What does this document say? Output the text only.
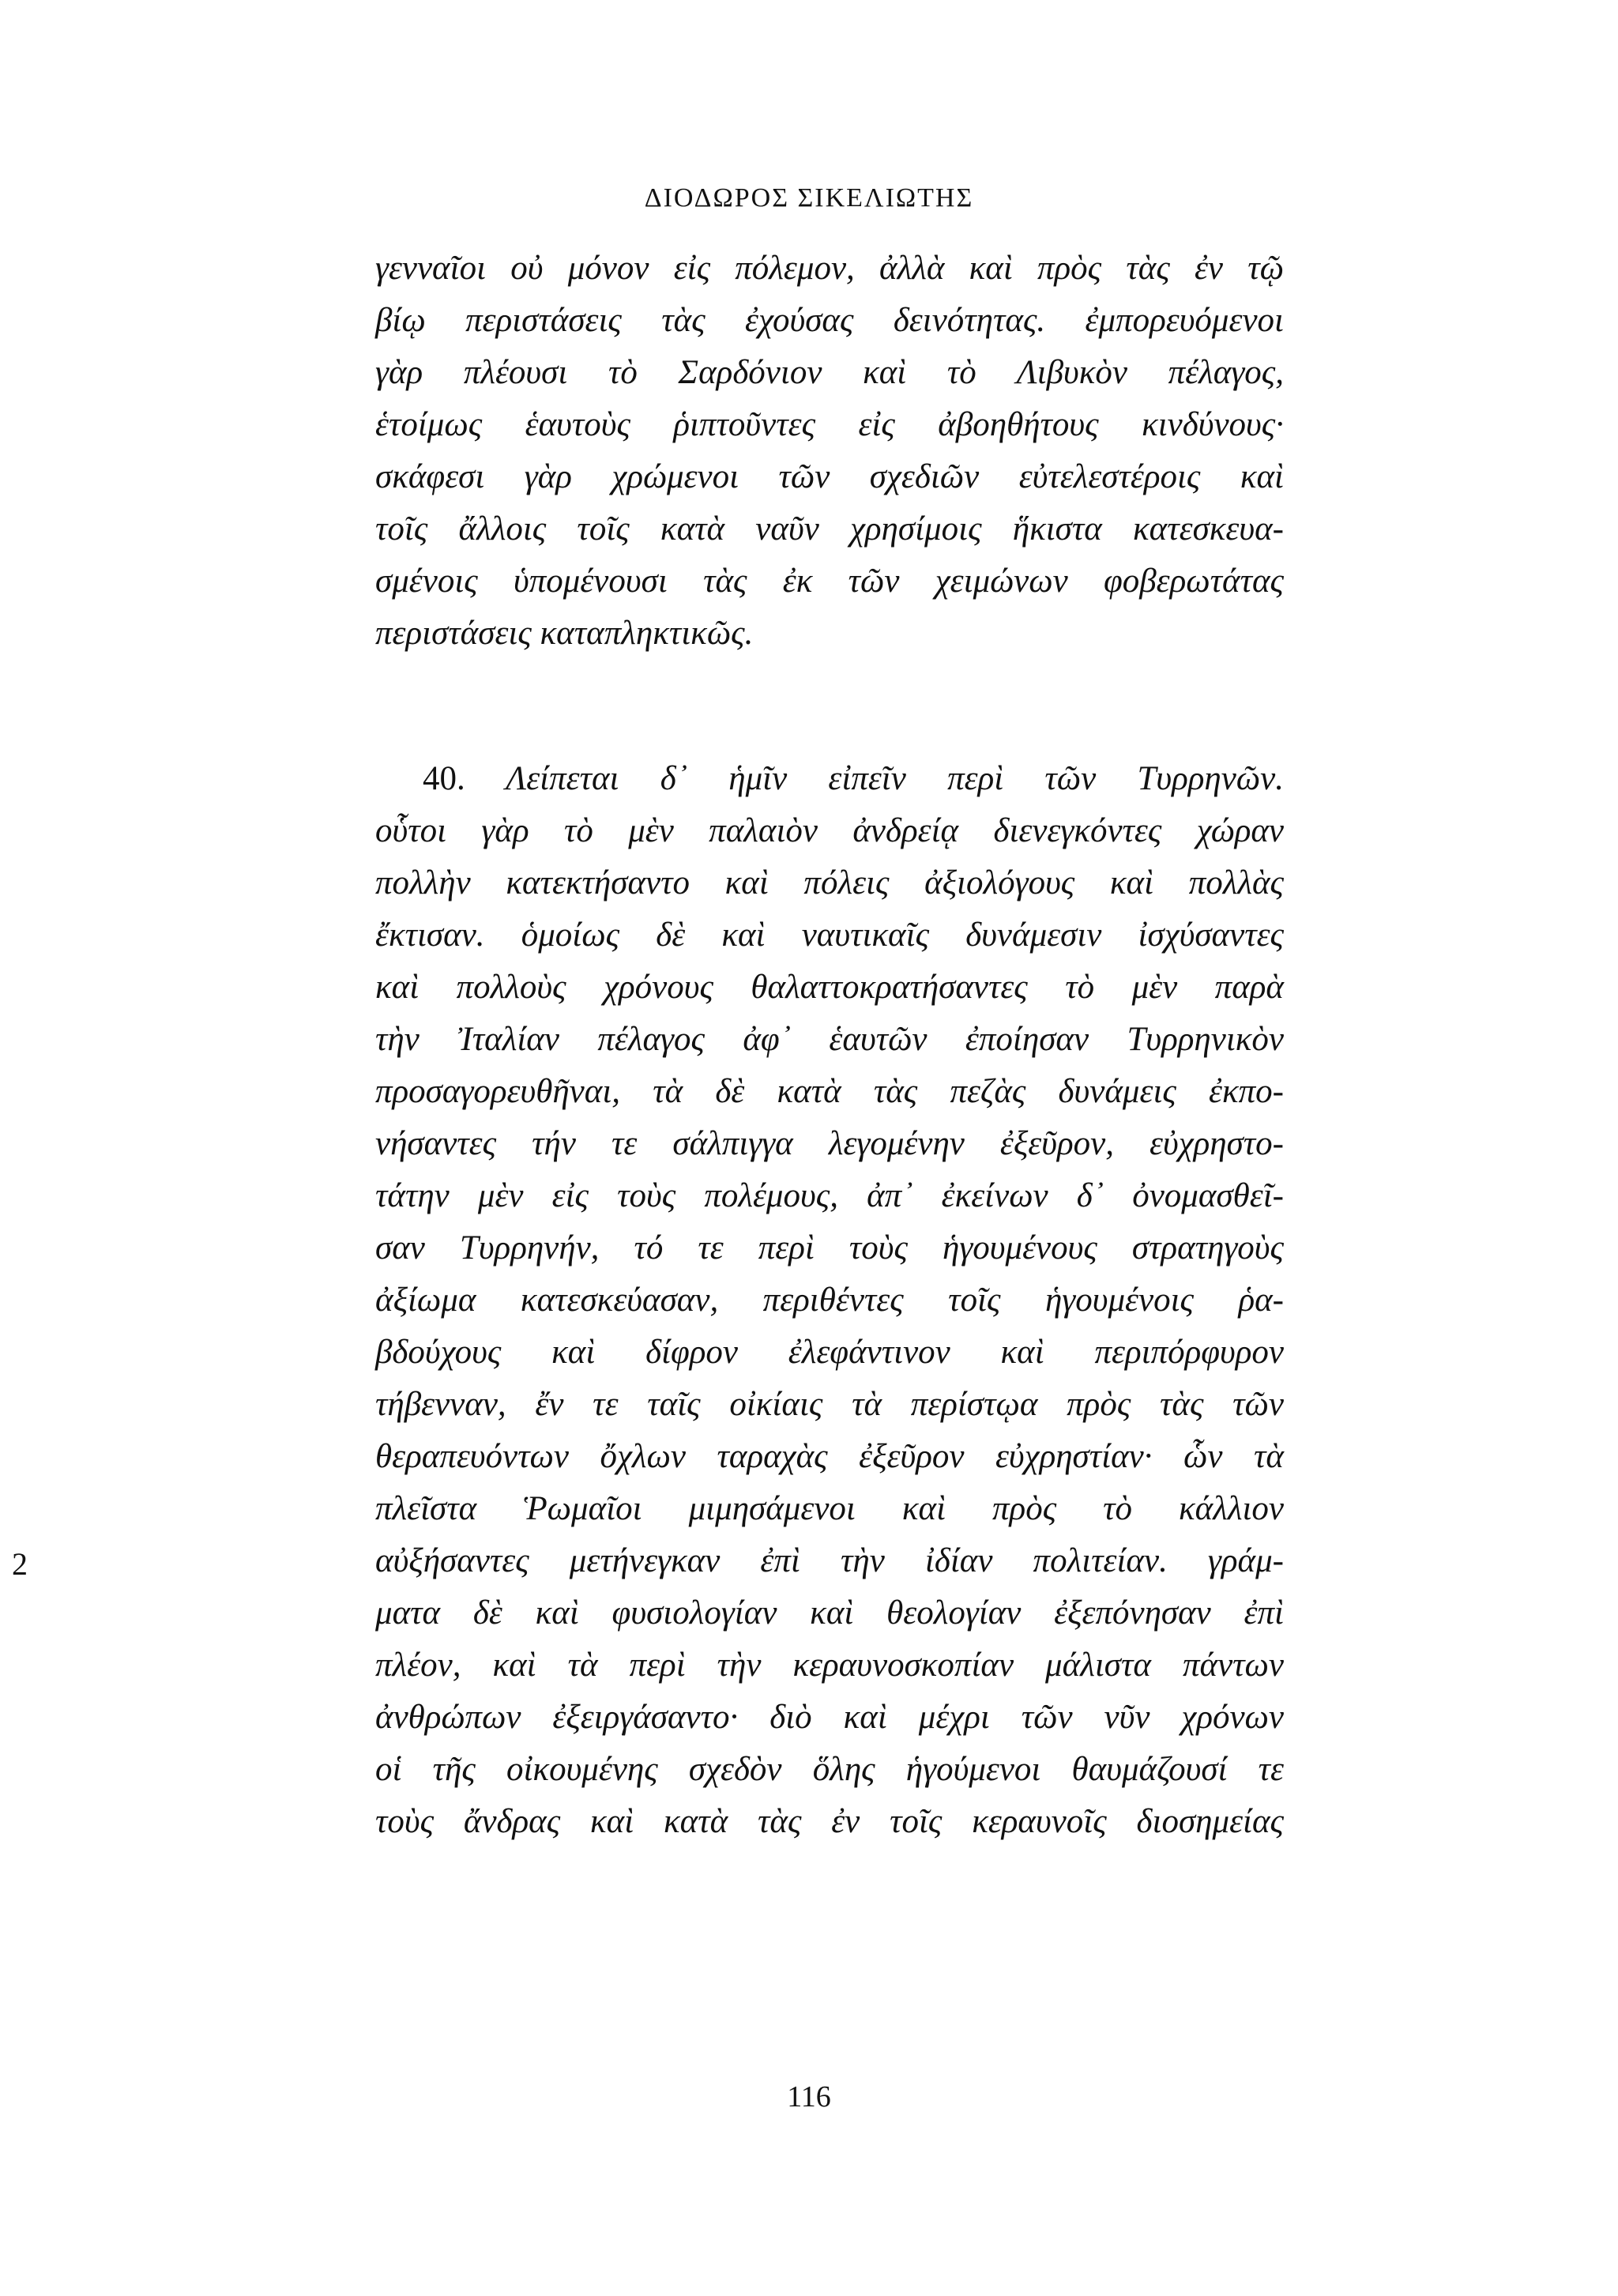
ΔΙΟΔΩΡΟΣ ΣΙΚΕΛΙΩΤΗΣ
γενναῖοι οὐ μόνον εἰς πόλεμον, ἀλλὰ καὶ πρὸς τὰς ἐν τῷ
βίῳ περιστάσεις τὰς ἐχούσας δεινότητας. ἐμπορευόμενοι
γὰρ πλέουσι τὸ Σαρδόνιον καὶ τὸ Λιβυκὸν πέλαγος,
ἑτοίμως ἑαυτοὺς ῥιπτοῦντες εἰς ἀβοηθήτους κινδύνους·
σκάφεσι γὰρ χρώμενοι τῶν σχεδιῶν εὐτελεστέροις καὶ
τοῖς ἄλλοις τοῖς κατὰ ναῦν χρησίμοις ἥκιστα κατεσκευα-
σμένοις ὑπομένουσι τὰς ἐκ τῶν χειμώνων φοβερωτάτας
περιστάσεις καταπληκτικῶς.
40. Λείπεται δ᾽ ἡμῖν εἰπεῖν περὶ τῶν Τυρρηνῶν.
οὗτοι γὰρ τὸ μὲν παλαιὸν ἀνδρείᾳ διενεγκόντες χώραν
πολλὴν κατεκτήσαντο καὶ πόλεις ἀξιολόγους καὶ πολλὰς
ἔκτισαν. ὁμοίως δὲ καὶ ναυτικαῖς δυνάμεσιν ἰσχύσαντες
καὶ πολλοὺς χρόνους θαλαττοκρατήσαντες τὸ μὲν παρὰ
τὴν Ἰταλίαν πέλαγος ἀφ᾽ ἑαυτῶν ἐποίησαν Τυρρηνικὸν
προσαγορευθῆναι, τὰ δὲ κατὰ τὰς πεζὰς δυνάμεις ἐκπο-
νήσαντες τήν τε σάλπιγγα λεγομένην ἐξεῦρον, εὐχρηστο-
τάτην μὲν εἰς τοὺς πολέμους, ἀπ᾽ ἐκείνων δ᾽ ὀνομασθεῖ-
σαν Τυρρηνήν, τό τε περὶ τοὺς ἡγουμένους στρατηγοὺς
ἀξίωμα κατεσκεύασαν, περιθέντες τοῖς ἡγουμένοις ῥα-
βδούχους καὶ δίφρον ἐλεφάντινον καὶ περιπόρφυρον
τήβενναν, ἔν τε ταῖς οἰκίαις τὰ περίστῳα πρὸς τὰς τῶν
θεραπευόντων ὄχλων ταραχὰς ἐξεῦρον εὐχρηστίαν· ὧν τὰ
πλεῖστα Ῥωμαῖοι μιμησάμενοι καὶ πρὸς τὸ κάλλιον
αὐξήσαντες μετήνεγκαν ἐπὶ τὴν ἰδίαν πολιτείαν. γράμ-
2
ματα δὲ καὶ φυσιολογίαν καὶ θεολογίαν ἐξεπόνησαν ἐπὶ
πλέον, καὶ τὰ περὶ τὴν κεραυνοσκοπίαν μάλιστα πάντων
ἀνθρώπων ἐξειργάσαντο· διὸ καὶ μέχρι τῶν νῦν χρόνων
οἱ τῆς οἰκουμένης σχεδὸν ὅλης ἡγούμενοι θαυμάζουσί τε
τοὺς ἄνδρας καὶ κατὰ τὰς ἐν τοῖς κεραυνοῖς διοσημείας
116
